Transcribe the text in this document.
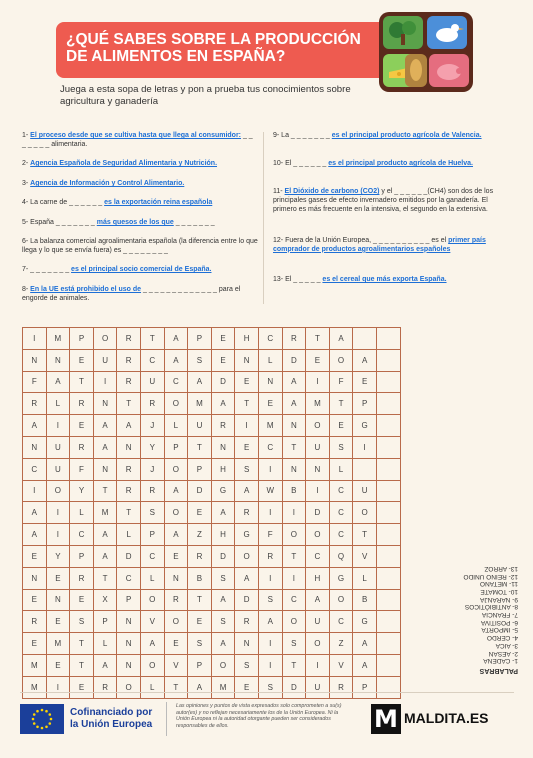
¿QUÉ SABES SOBRE LA PRODUCCIÓN
DE ALIMENTOS EN ESPAÑA?
Juega a esta sopa de letras y pon a prueba tus conocimientos sobre agricultura y ganadería
1- El proceso desde que se cultiva hasta que llega al consumidor: _ _ _ _ _ _ _ alimentaria.
2- Agencia Española de Seguridad Alimentaria y Nutrición.
3- Agencia de Información y Control Alimentario.
4- La carne de _ _ _ _ _ _ es la exportación reina española
5- España _ _ _ _ _ _ _ más quesos de los que _ _ _ _ _ _ _
6- La balanza comercial agroalimentaria española (la diferencia entre lo que llega y lo que se envía fuera) es _ _ _ _ _ _ _ _
7- _ _ _ _ _ _ _ es el principal socio comercial de España.
8- En la UE está prohibido el uso de _ _ _ _ _ _ _ _ _ _ _ _ _ para el engorde de animales.
9- La _ _ _ _ _ _ _ es el principal producto agrícola de Valencia.
10- El _ _ _ _ _ _ es el principal producto agrícola de Huelva.
11- El Dióxido de carbono (CO2) y el _ _ _ _ _ _(CH4) son dos de los principales gases de efecto invernadero emitidos por la ganadería. El primero es más frecuente en la intensiva, el segundo en la extensiva.
12- Fuera de la Unión Europea, _ _ _ _ _ _ _ _ _ _ es el primer país comprador de productos agroalimentarios españoles
13- El _ _ _ _ _ es el cereal que más exporta España.
I	M	P	O	R	T	A	P	E	H	C	R	T	A
N	N	E	U	R	C	A	S	E	N	L	D	E	O	A
F	A	T	I	R	U	C	A	D	E	N	A	I	F	E
R	L	R	N	T	R	O	M	A	T	E	A	M	T	P
A	I	E	A	A	J	L	U	R	I	M	N	O	E	G
N	U	R	A	N	Y	P	T	N	E	C	T	U	S	I
C	U	F	N	R	J	O	P	H	S	I	N	N	L
I	O	Y	T	R	R	A	D	G	A	W	B	I	C	U
A	I	L	M	T	S	O	E	A	R	I	I	D	C	O
A	I	C	A	L	P	A	Z	H	G	F	O	O	C	T
E	Y	P	A	D	C	E	R	D	O	R	T	C	Q	V
N	E	R	T	C	L	N	B	S	A	I	I	H	G	L
E	N	E	X	P	O	R	T	A	D	S	C	A	O	B
R	E	S	P	N	V	O	E	S	R	A	O	U	C	G
E	M	T	L	N	A	E	S	A	N	I	S	O	Z	A
M	E	T	A	N	O	V	P	O	S	I	T	I	V	A
M	I	E	R	O	L	T	A	M	E	S	D	U	R	P
PALABRAS
1- CADENA
2- AESAN
3- AICA
4- CERDO
5- IMPORTA
6- POSITIVA
7- FRANCIA
8- ANTIBIÓTICOS
9- NARANJA
10- TOMATE
11- METANO
12- REINO UNIDO
13- ARROZ
Cofinanciado por
la Unión Europea
Las opiniones y puntos de vista expresados solo comprometen a su(s) autor(es) y no reflejan necesariamente los de la Unión Europea. Ni la Unión Europea ni la autoridad otorgante pueden ser considerados responsables de ellos.	M MALDITA.ES
